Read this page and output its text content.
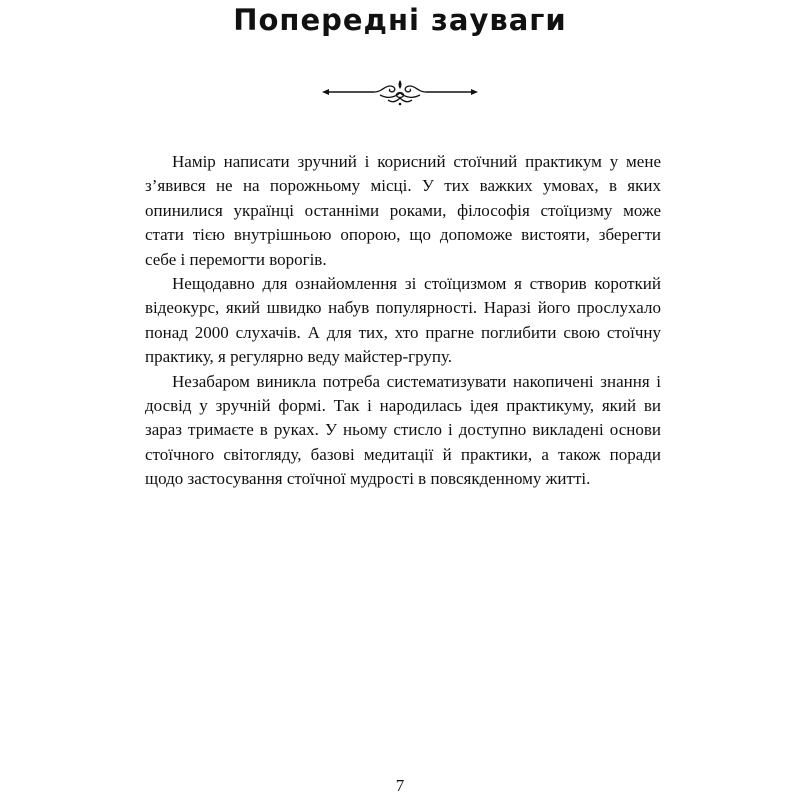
Попередні зауваги

Намір написати зручний і корисний стоїчний практикум у мене з’явився не на порожньому місці. У тих важких умовах, в яких опинилися українці останніми роками, філософія стоїцизму може стати тією внутрішньою опорою, що допоможе вистояти, зберегти себе і перемогти ворогів.

Нещодавно для ознайомлення зі стоїцизмом я створив короткий відеокурс, який швидко набув популярності. Наразі його прослухало понад 2000 слухачів. А для тих, хто прагне поглибити свою стоїчну практику, я регулярно веду майстер-групу.

Незабаром виникла потреба систематизувати накопичені знання і досвід у зручній формі. Так і народилась ідея практикуму, який ви зараз тримаєте в руках. У ньому стисло і доступно викладені основи стоїчного світогляду, базові медитації й практики, а також поради щодо застосування стоїчної мудрості в повсякденному житті.

7
